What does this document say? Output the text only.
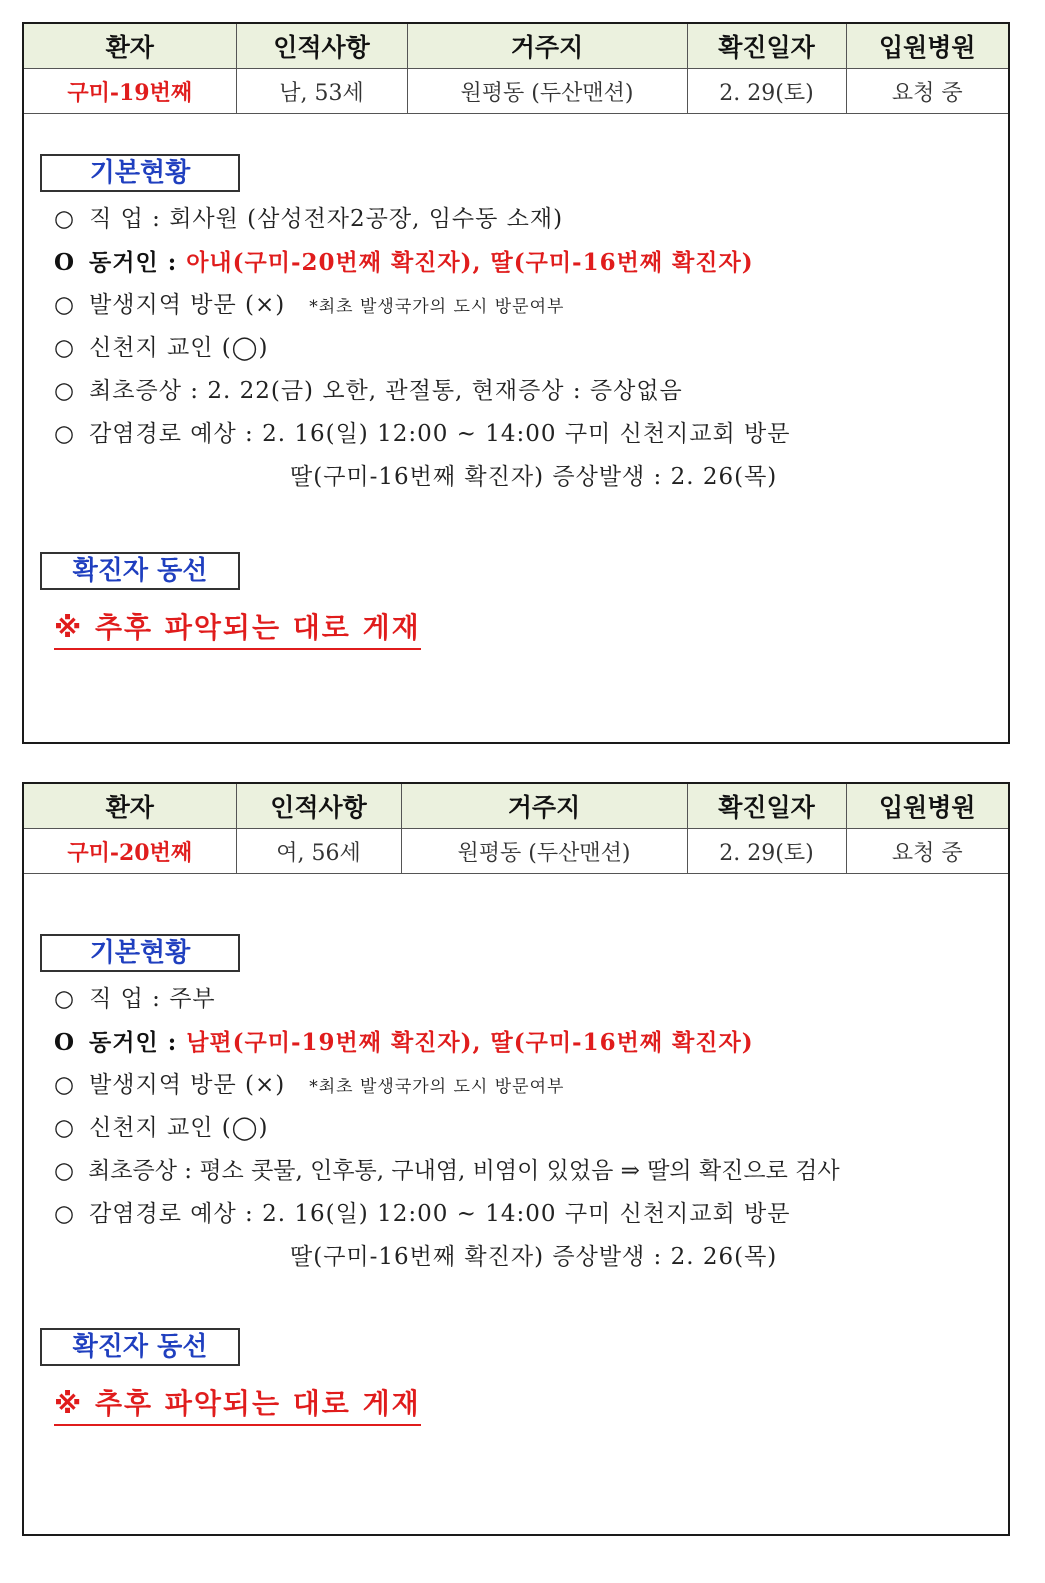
환자	인적사항	거주지	확진일자	입원병원
구미-19번째	남, 53세	원평동 (두산맨션)	2. 29(토)	요청 중
기본현황
○ 직 업 : 회사원 (삼성전자2공장, 임수동 소재)
O 동거인 : 아내(구미-20번째 확진자), 딸(구미-16번째 확진자)
○ 발생지역 방문 (×) *최초 발생국가의 도시 방문여부
○ 신천지 교인 (◯)
○ 최초증상 : 2. 22(금) 오한, 관절통, 현재증상 : 증상없음
○ 감염경로 예상 : 2. 16(일) 12:00 ~ 14:00 구미 신천지교회 방문
딸(구미-16번째 확진자) 증상발생 : 2. 26(목)
확진자 동선
※ 추후 파악되는 대로 게재
환자	인적사항	거주지	확진일자	입원병원
구미-20번째	여, 56세	원평동 (두산맨션)	2. 29(토)	요청 중
기본현황
○ 직 업 : 주부
O 동거인 : 남편(구미-19번째 확진자), 딸(구미-16번째 확진자)
○ 발생지역 방문 (×) *최초 발생국가의 도시 방문여부
○ 신천지 교인 (◯)
○ 최초증상 : 평소 콧물, 인후통, 구내염, 비염이 있었음 ⇒ 딸의 확진으로 검사
○ 감염경로 예상 : 2. 16(일) 12:00 ~ 14:00 구미 신천지교회 방문
딸(구미-16번째 확진자) 증상발생 : 2. 26(목)
확진자 동선
※ 추후 파악되는 대로 게재
